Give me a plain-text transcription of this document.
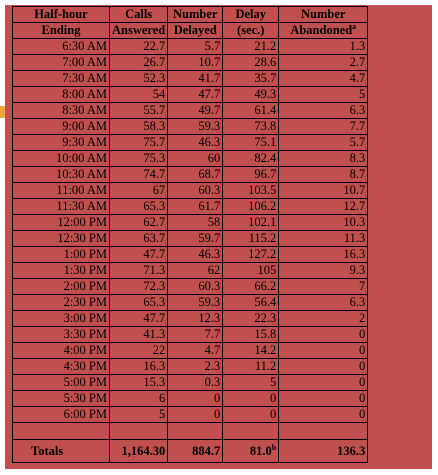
Half-hour	Calls	Number	Delay	Number
Ending	Answered	Delayed	(sec.)	Abandoned$^a$
6:30 AM	22.7	5.7	21.2	1.3
7:00 AM	26.7	10.7	28.6	2.7
7:30 AM	52.3	41.7	35.7	4.7
8:00 AM	54	47.7	49.3	5
8:30 AM	55.7	49.7	61.4	6.3
9:00 AM	58.3	59.3	73.8	7.7
9:30 AM	75.7	46.3	75.1	5.7
10:00 AM	75.3	60	82.4	8.3
10:30 AM	74.7	68.7	96.7	8.7
11:00 AM	67	60.3	103.5	10.7
11:30 AM	65.3	61.7	106.2	12.7
12:00 PM	62.7	58	102.1	10.3
12:30 PM	63.7	59.7	115.2	11.3
1:00 PM	47.7	46.3	127.2	16.3
1:30 PM	71.3	62	105	9.3
2:00 PM	72.3	60.3	66.2	7
2:30 PM	65.3	59.3	56.4	6.3
3:00 PM	47.7	12.3	22.3	2
3:30 PM	41.3	7.7	15.8	0
4:00 PM	22	4.7	14.2	0
4:30 PM	16.3	2.3	11.2	0
5:00 PM	15.3	0.3	5	0
5:30 PM	6	0	0	0
6:00 PM	5	0	0	0

Totals	1,164.30	884.7	81.0$^b$	136.3
